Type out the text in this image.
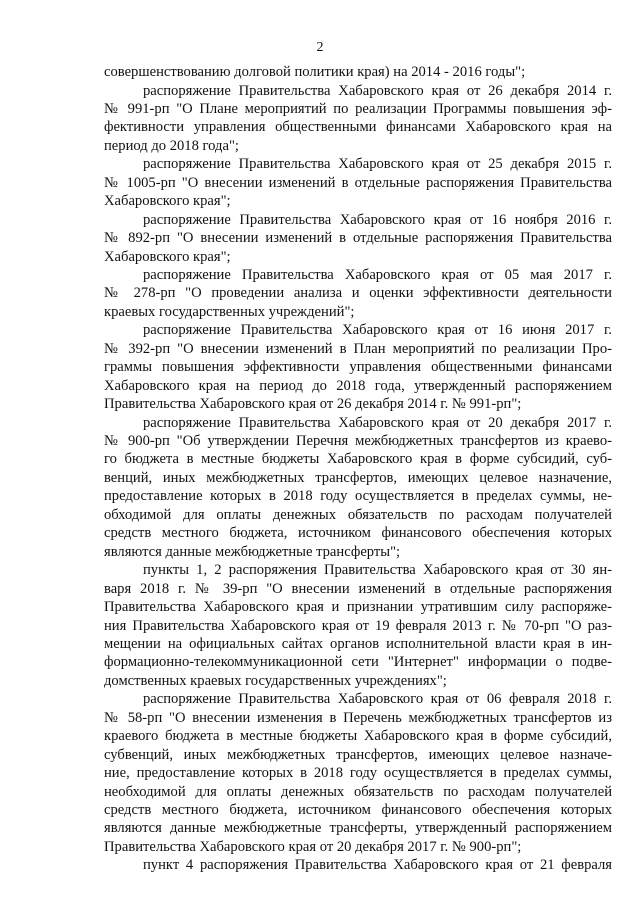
2
совершенствованию долговой политики края) на 2014 - 2016 годы";
распоряжение Правительства Хабаровского края от 26 декабря 2014 г.
№ 991-рп "О Плане мероприятий по реализации Программы повышения эф-
фективности управления общественными финансами Хабаровского края на
период до 2018 года";
распоряжение Правительства Хабаровского края от 25 декабря 2015 г.
№ 1005-рп "О внесении изменений в отдельные распоряжения Правительства
Хабаровского края";
распоряжение Правительства Хабаровского края от 16 ноября 2016 г.
№ 892-рп "О внесении изменений в отдельные распоряжения Правительства
Хабаровского края";
распоряжение Правительства Хабаровского края от 05 мая 2017 г.
№ 278-рп "О проведении анализа и оценки эффективности деятельности
краевых государственных учреждений";
распоряжение Правительства Хабаровского края от 16 июня 2017 г.
№ 392-рп "О внесении изменений в План мероприятий по реализации Про-
граммы повышения эффективности управления общественными финансами
Хабаровского края на период до 2018 года, утвержденный распоряжением
Правительства Хабаровского края от 26 декабря 2014 г. № 991-рп";
распоряжение Правительства Хабаровского края от 20 декабря 2017 г.
№ 900-рп "Об утверждении Перечня межбюджетных трансфертов из краево-
го бюджета в местные бюджеты Хабаровского края в форме субсидий, суб-
венций, иных межбюджетных трансфертов, имеющих целевое назначение,
предоставление которых в 2018 году осуществляется в пределах суммы, не-
обходимой для оплаты денежных обязательств по расходам получателей
средств местного бюджета, источником финансового обеспечения которых
являются данные межбюджетные трансферты";
пункты 1, 2 распоряжения Правительства Хабаровского края от 30 ян-
варя 2018 г. № 39-рп "О внесении изменений в отдельные распоряжения
Правительства Хабаровского края и признании утратившим силу распоряже-
ния Правительства Хабаровского края от 19 февраля 2013 г. № 70-рп "О раз-
мещении на официальных сайтах органов исполнительной власти края в ин-
формационно-телекоммуникационной сети "Интернет" информации о подве-
домственных краевых государственных учреждениях";
распоряжение Правительства Хабаровского края от 06 февраля 2018 г.
№ 58-рп "О внесении изменения в Перечень межбюджетных трансфертов из
краевого бюджета в местные бюджеты Хабаровского края в форме субсидий,
субвенций, иных межбюджетных трансфертов, имеющих целевое назначе-
ние, предоставление которых в 2018 году осуществляется в пределах суммы,
необходимой для оплаты денежных обязательств по расходам получателей
средств местного бюджета, источником финансового обеспечения которых
являются данные межбюджетные трансферты, утвержденный распоряжением
Правительства Хабаровского края от 20 декабря 2017 г. № 900-рп";
пункт 4 распоряжения Правительства Хабаровского края от 21 февраля
